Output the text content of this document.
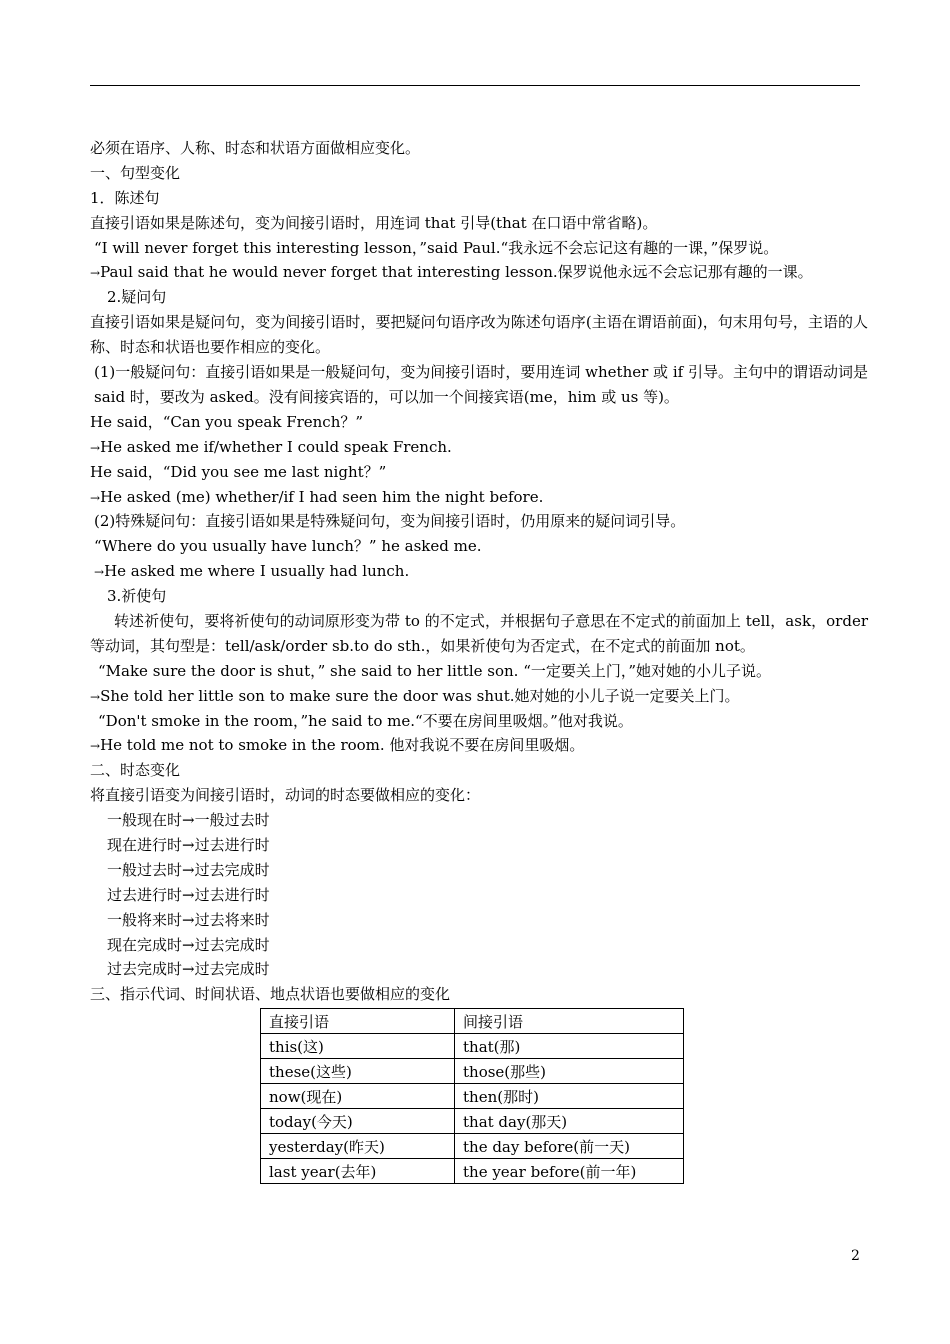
必须在语序、人称、时态和状语方面做相应变化。
一、句型变化
1．陈述句
直接引语如果是陈述句，变为间接引语时，用连词 that 引导(that 在口语中常省略)。
“I will never forget this interesting lesson，”said Paul.“我永远不会忘记这有趣的一课，”保罗说。
→Paul said that he would never forget that interesting lesson.保罗说他永远不会忘记那有趣的一课。
2.疑问句
直接引语如果是疑问句，变为间接引语时，要把疑问句语序改为陈述句语序(主语在谓语前面)，句末用句号，主语的人称、时态和状语也要作相应的变化。
(1)一般疑问句：直接引语如果是一般疑问句，变为间接引语时，要用连词 whether 或 if 引导。主句中的谓语动词是 said 时，要改为 asked。没有间接宾语的，可以加一个间接宾语(me，him 或 us 等)。
He said，“Can you speak French？”
→He asked me if/whether I could speak French.
He said，“Did you see me last night？”
→He asked (me) whether/if I had seen him the night before.
(2)特殊疑问句：直接引语如果是特殊疑问句，变为间接引语时，仍用原来的疑问词引导。
“Where do you usually have lunch？” he asked me.
→He asked me where I usually had lunch.
3.祈使句
转述祈使句，要将祈使句的动词原形变为带 to 的不定式，并根据句子意思在不定式的前面加上 tell，ask，order 等动词，其句型是：tell/ask/order sb.to do sth.，如果祈使句为否定式，在不定式的前面加 not。
“Make sure the door is shut，” she said to her little son. “一定要关上门，”她对她的小儿子说。
→She told her little son to make sure the door was shut.她对她的小儿子说一定要关上门。
“Don't smoke in the room，”he said to me.“不要在房间里吸烟。”他对我说。
→He told me not to smoke in the room. 他对我说不要在房间里吸烟。
二、时态变化
将直接引语变为间接引语时，动词的时态要做相应的变化：
一般现在时→一般过去时
现在进行时→过去进行时
一般过去时→过去完成时
过去进行时→过去进行时
一般将来时→过去将来时
现在完成时→过去完成时
过去完成时→过去完成时
三、指示代词、时间状语、地点状语也要做相应的变化
直接引语	间接引语
this(这)	that(那)
these(这些)	those(那些)
now(现在)	then(那时)
today(今天)	that day(那天)
yesterday(昨天)	the day before(前一天)
last year(去年)	the year before(前一年)
2
